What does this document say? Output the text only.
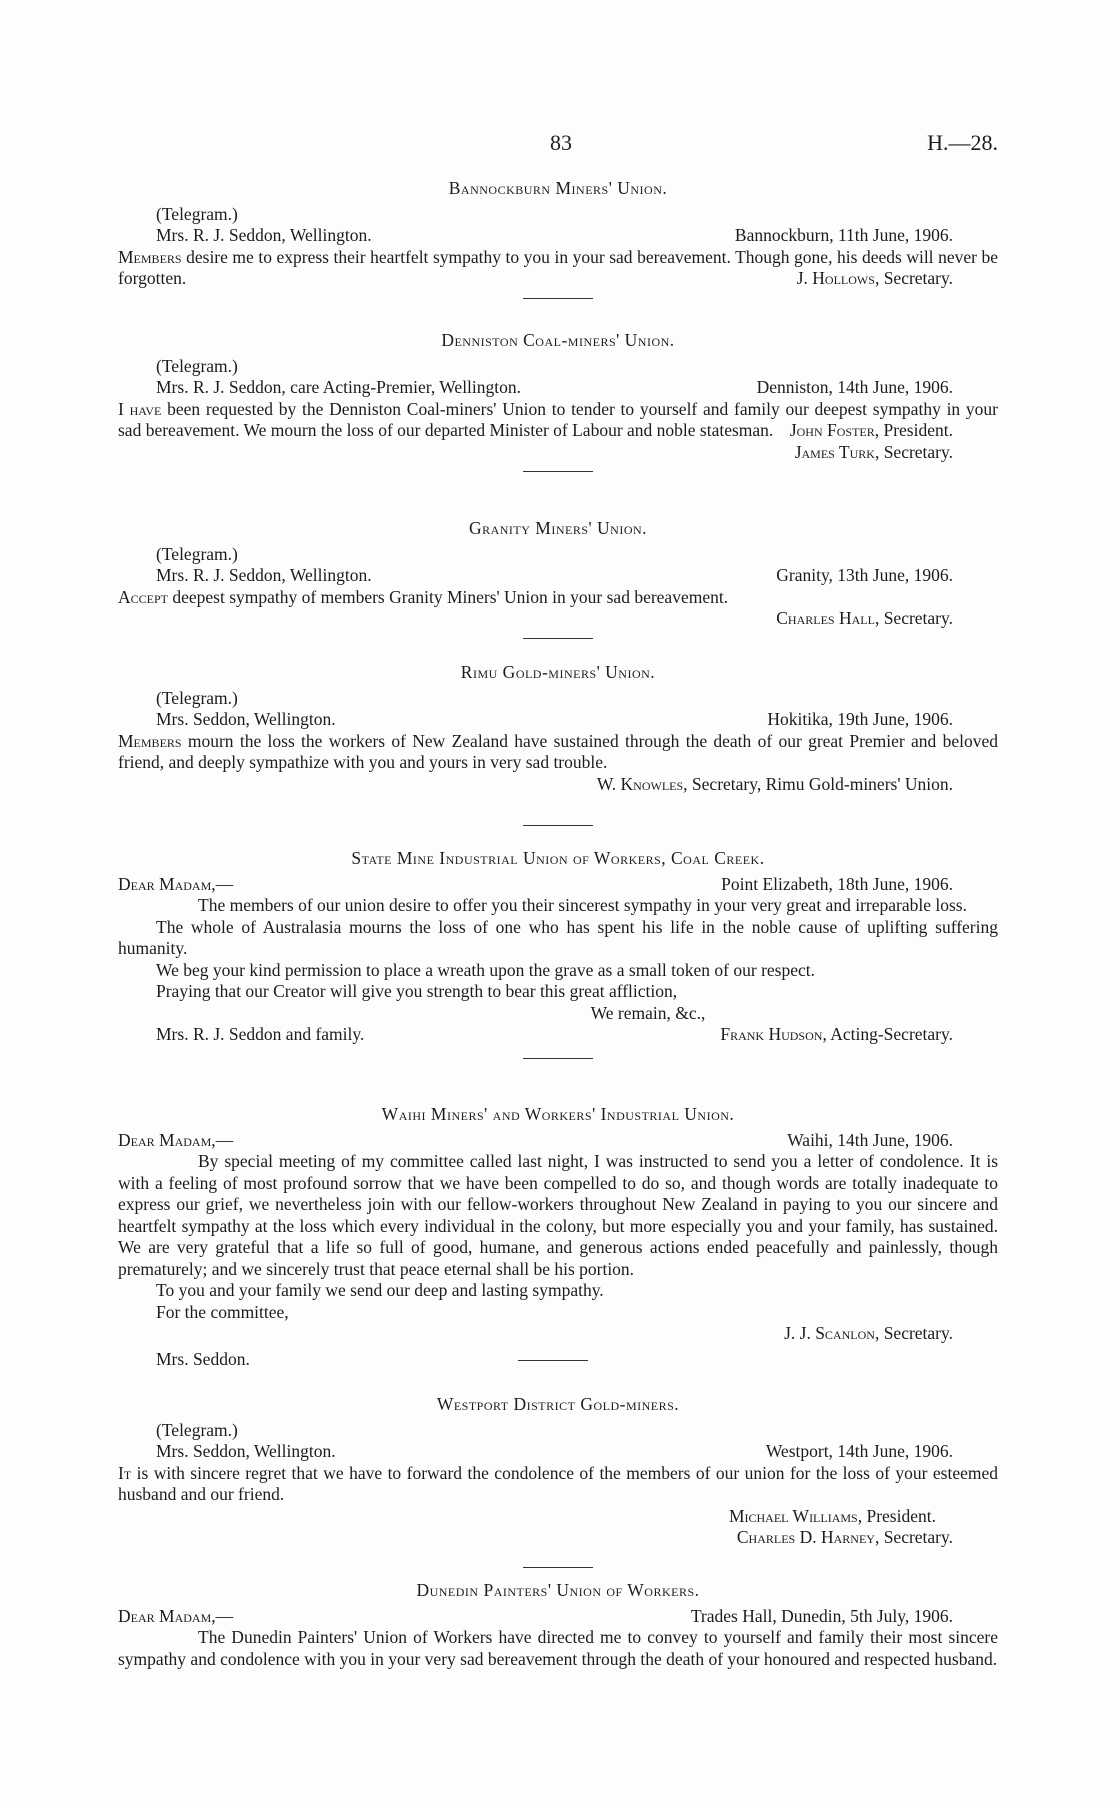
83	H.—28.
Bannockburn Miners' Union.
(Telegram.)
Mrs. R. J. Seddon, Wellington.	Bannockburn, 11th June, 1906.
Members desire me to express their heartfelt sympathy to you in your sad bereavement. Though gone, his deeds will never be forgotten.	J. Hollows, Secretary.
Denniston Coal-miners' Union.
(Telegram.)
Mrs. R. J. Seddon, care Acting-Premier, Wellington.	Denniston, 14th June, 1906.
I have been requested by the Denniston Coal-miners' Union to tender to yourself and family our deepest sympathy in your sad bereavement. We mourn the loss of our departed Minister of Labour and noble statesman. John Foster, President.
James Turk, Secretary.
Granity Miners' Union.
(Telegram.)
Mrs. R. J. Seddon, Wellington.	Granity, 13th June, 1906.
Accept deepest sympathy of members Granity Miners' Union in your sad bereavement.
Charles Hall, Secretary.
Rimu Gold-miners' Union.
(Telegram.)
Mrs. Seddon, Wellington.	Hokitika, 19th June, 1906.
Members mourn the loss the workers of New Zealand have sustained through the death of our great Premier and beloved friend, and deeply sympathize with you and yours in very sad trouble.
W. Knowles, Secretary, Rimu Gold-miners' Union.
State Mine Industrial Union of Workers, Coal Creek.
Dear Madam,—	Point Elizabeth, 18th June, 1906.
The members of our union desire to offer you their sincerest sympathy in your very great and irreparable loss.
The whole of Australasia mourns the loss of one who has spent his life in the noble cause of uplifting suffering humanity.
We beg your kind permission to place a wreath upon the grave as a small token of our respect.
Praying that our Creator will give you strength to bear this great affliction,
We remain, &c.,
Mrs. R. J. Seddon and family.	Frank Hudson, Acting-Secretary.
Waihi Miners' and Workers' Industrial Union.
Dear Madam,—	Waihi, 14th June, 1906.
By special meeting of my committee called last night, I was instructed to send you a letter of condolence. It is with a feeling of most profound sorrow that we have been compelled to do so, and though words are totally inadequate to express our grief, we nevertheless join with our fellow-workers throughout New Zealand in paying to you our sincere and heartfelt sympathy at the loss which every individual in the colony, but more especially you and your family, has sustained. We are very grateful that a life so full of good, humane, and generous actions ended peacefully and painlessly, though prematurely; and we sincerely trust that peace eternal shall be his portion.
To you and your family we send our deep and lasting sympathy.
For the committee,
J. J. Scanlon, Secretary.
Mrs. Seddon.
Westport District Gold-miners.
(Telegram.)
Mrs. Seddon, Wellington.	Westport, 14th June, 1906.
It is with sincere regret that we have to forward the condolence of the members of our union for the loss of your esteemed husband and our friend.
Michael Williams, President.
Charles D. Harney, Secretary.
Dunedin Painters' Union of Workers.
Dear Madam,—	Trades Hall, Dunedin, 5th July, 1906.
The Dunedin Painters' Union of Workers have directed me to convey to yourself and family their most sincere sympathy and condolence with you in your very sad bereavement through the death of your honoured and respected husband.
